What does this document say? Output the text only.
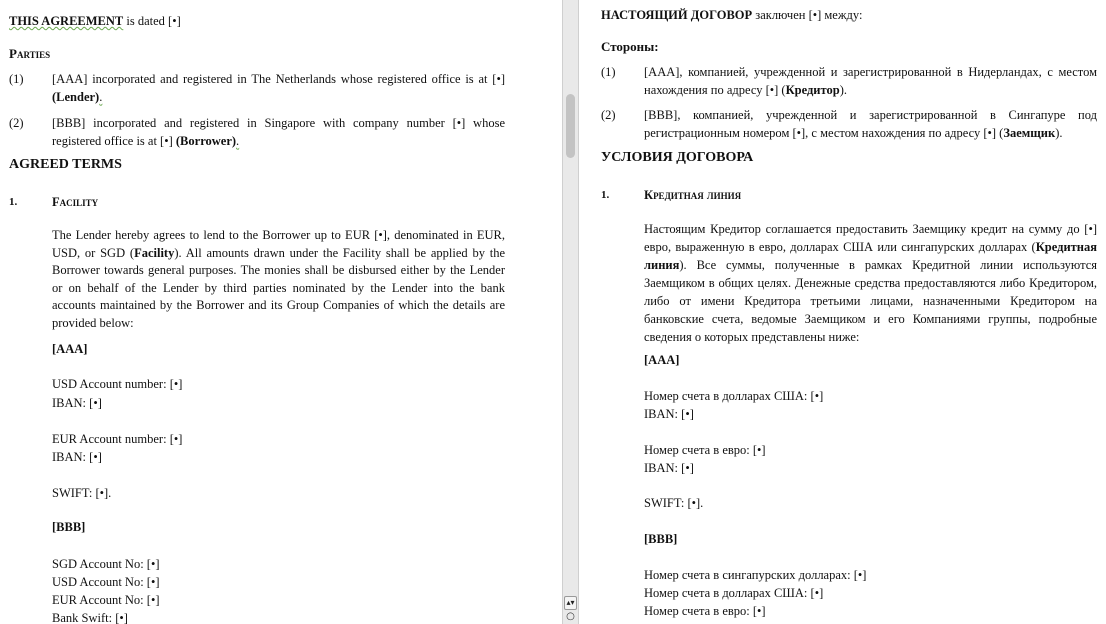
THIS AGREEMENT is dated [•]
Parties
(1) [AAA] incorporated and registered in The Netherlands whose registered office is at [•] (Lender).
(2) [BBB] incorporated and registered in Singapore with company number [•] whose registered office is at [•] (Borrower).
AGREED TERMS
1.	Facility
The Lender hereby agrees to lend to the Borrower up to EUR [•], denominated in EUR, USD, or SGD (Facility). All amounts drawn under the Facility shall be applied by the Borrower towards general purposes. The monies shall be disbursed either by the Lender or on behalf of the Lender by third parties nominated by the Lender into the bank accounts maintained by the Borrower and its Group Companies of which the details are provided below:
[AAA]
USD Account number: [•]
IBAN: [•]
EUR Account number: [•]
IBAN: [•]
SWIFT: [•].
[BBB]
SGD Account No: [•]
USD Account No: [•]
EUR Account No: [•]
Bank Swift: [•]
▴▾
○
НАСТОЯЩИЙ ДОГОВОР заключен [•] между:
Стороны:
(1) [AAA], компанией, учрежденной и зарегистрированной в Нидерландах, с местом нахождения по адресу [•] (Кредитор).
(2) [BBB], компанией, учрежденной и зарегистрированной в Сингапуре под регистрационным номером [•], с местом нахождения по адресу [•] (Заемщик).
УСЛОВИЯ ДОГОВОРА
1.	Кредитная линия
Настоящим Кредитор соглашается предоставить Заемщику кредит на сумму до [•] евро, выраженную в евро, долларах США или сингапурских долларах (Кредитная линия). Все суммы, полученные в рамках Кредитной линии используются Заемщиком в общих целях. Денежные средства предоставляются либо Кредитором, либо от имени Кредитора третьими лицами, назначенными Кредитором на банковские счета, ведомые Заемщиком и его Компаниями группы, подробные сведения о которых представлены ниже:
[AAA]
Номер счета в долларах США: [•]
IBAN: [•]
Номер счета в евро: [•]
IBAN: [•]
SWIFT: [•].
[BBB]
Номер счета в сингапурских долларах: [•]
Номер счета в долларах США: [•]
Номер счета в евро: [•]
